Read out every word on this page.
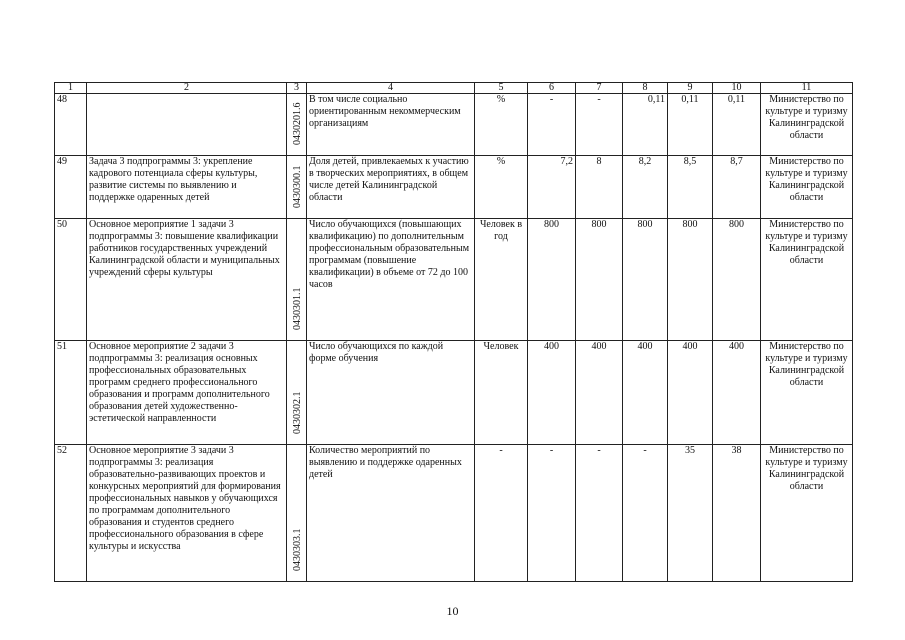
1	2	3	4	5	6	7	8	9	10	11
48		0430201.6	В том числе социально ориентированным некоммерческим организациям	%	-	-	0,11	0,11	0,11	Министерство по культуре и туризму Калининградской области
49	Задача 3 подпрограммы 3: укрепление кадрового потенциала сферы культуры, развитие системы по выявлению и поддержке одаренных детей	0430300.1	Доля детей, привлекаемых к участию в творческих мероприятиях, в общем числе детей Калининградской области	%	7,2	8	8,2	8,5	8,7	Министерство по культуре и туризму Калининградской области
50	Основное мероприятие 1 задачи 3 подпрограммы 3: повышение квалификации работников государственных учреждений Калининградской области и муниципальных учреждений сферы культуры	0430301.1	Число обучающихся (повышающих квалификацию) по дополнительным профессиональным образовательным программам (повышение квалификации) в объеме от 72 до 100 часов	Человек в год	800	800	800	800	800	Министерство по культуре и туризму Калининградской области
51	Основное мероприятие 2 задачи 3 подпрограммы 3: реализация основных профессиональных образовательных программ среднего профессионального образования и программ дополнительного образования детей художественно-эстетической направленности	0430302.1	Число обучающихся по каждой форме обучения	Человек	400	400	400	400	400	Министерство по культуре и туризму Калининградской области
52	Основное мероприятие 3 задачи 3 подпрограммы 3: реализация образовательно-развивающих проектов и конкурсных мероприятий для формирования профессиональных навыков у обучающихся по программам дополнительного образования и студентов среднего профессионального образования в сфере культуры и искусства	0430303.1	Количество мероприятий по выявлению и поддержке одаренных детей	-	-	-	-	35	38	Министерство по культуре и туризму Калининградской области
10
